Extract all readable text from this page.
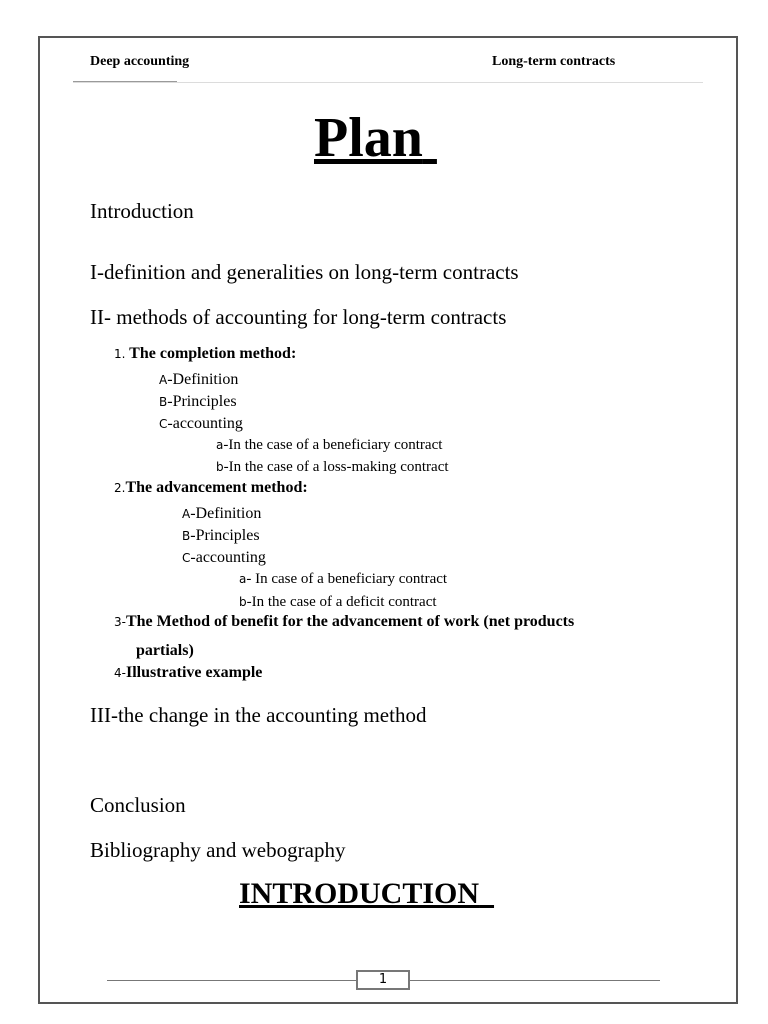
Deep accounting	Long-term contracts
Plan
Introduction
I-definition and generalities on long-term contracts
II- methods of accounting for long-term contracts
1. The completion method:
A-Definition
B-Principles
C-accounting
a-In the case of a beneficiary contract
b-In the case of a loss-making contract
2.The advancement method:
A-Definition
B-Principles
C-accounting
a- In case of a beneficiary contract
b-In the case of a deficit contract
3-The Method of benefit for the advancement of work (net products
partials)
4-Illustrative example
III-the change in the accounting method
Conclusion
Bibliography and webography
INTRODUCTION
1
